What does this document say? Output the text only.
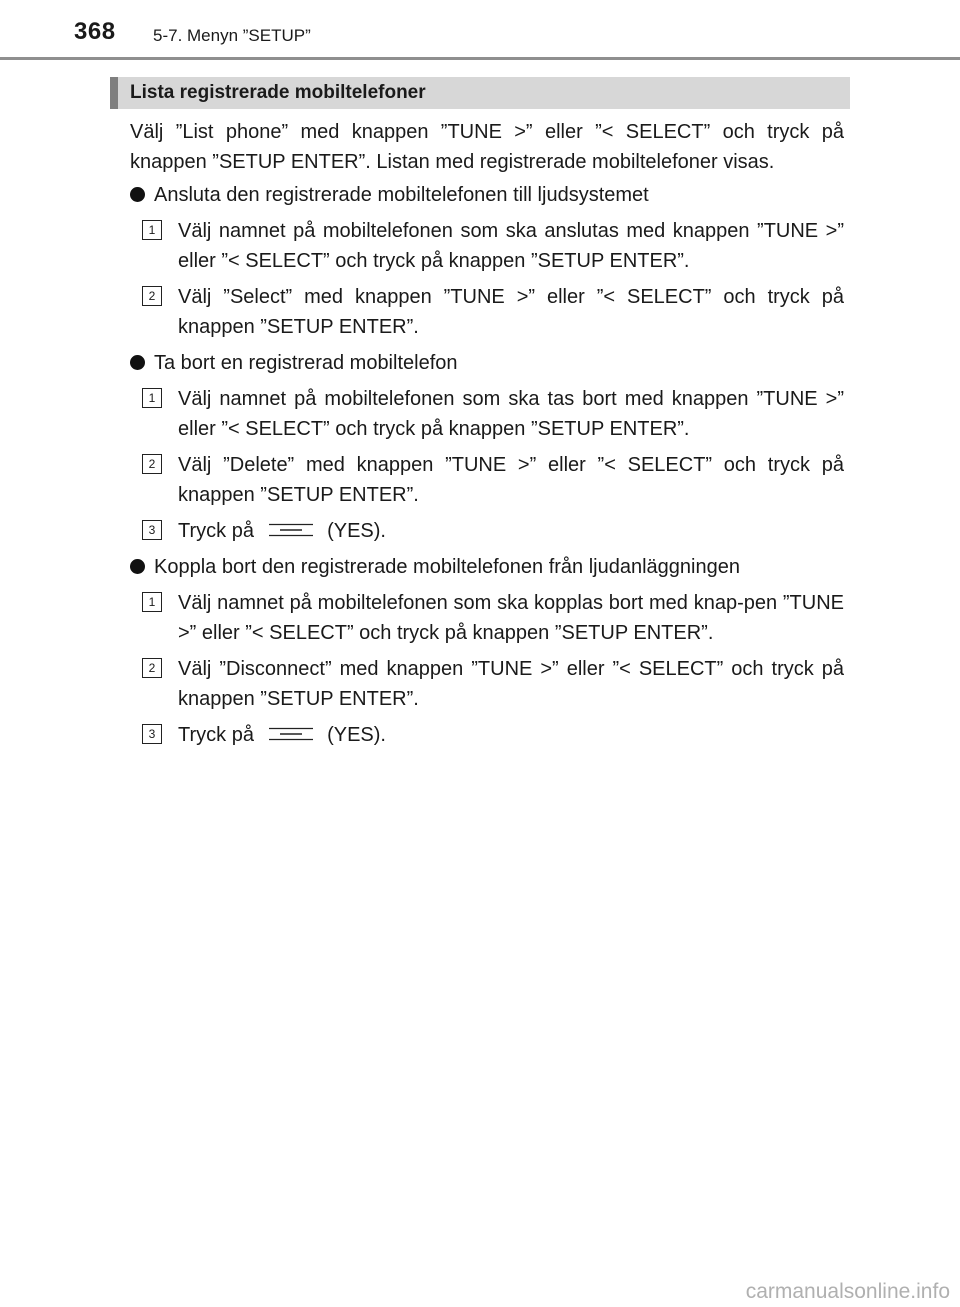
368 5-7. Menyn ”SETUP”
Lista registrerade mobiltelefoner

Välj ”List phone” med knappen ”TUNE >” eller ”< SELECT” och tryck på knappen ”SETUP ENTER”. Listan med registrerade mobiltelefoner visas.

Ansluta den registrerade mobiltelefonen till ljudsystemet
1	Välj namnet på mobiltelefonen som ska anslutas med knappen ”TUNE >” eller ”< SELECT” och tryck på knappen ”SETUP ENTER”.
2	Välj ”Select” med knappen ”TUNE >” eller ”< SELECT” och tryck på knappen ”SETUP ENTER”.
Ta bort en registrerad mobiltelefon
1	Välj namnet på mobiltelefonen som ska tas bort med knappen ”TUNE >” eller ”< SELECT” och tryck på knappen ”SETUP ENTER”.
2	Välj ”Delete” med knappen ”TUNE >” eller ”< SELECT” och tryck på knappen ”SETUP ENTER”.
3	Tryck på	(YES).
Koppla bort den registrerade mobiltelefonen från ljudanläggningen
1	Välj namnet på mobiltelefonen som ska kopplas bort med knap-pen ”TUNE >” eller ”< SELECT” och tryck på knappen ”SETUP ENTER”.
2	Välj ”Disconnect” med knappen ”TUNE >” eller ”< SELECT” och tryck på knappen ”SETUP ENTER”.
3	Tryck på	(YES).
carmanualsonline.info
